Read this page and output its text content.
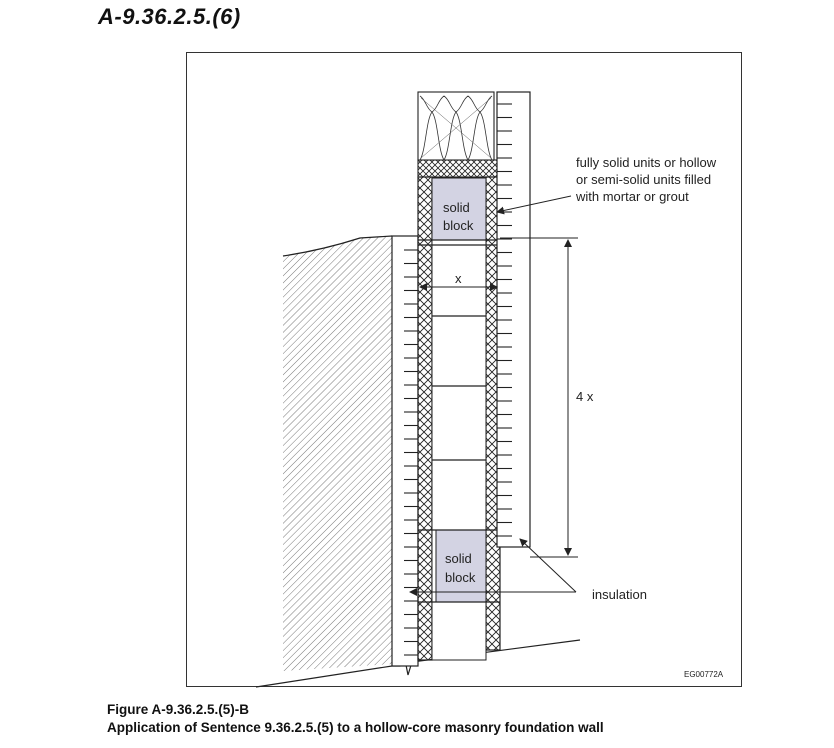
A-9.36.2.5.(6)
x
4 x
solid
block
solid
block
fully solid units or hollow
or semi-solid units filled
with mortar or grout
insulation
EG00772A
Figure A-9.36.2.5.(5)-B
Application of Sentence 9.36.2.5.(5) to a hollow-core masonry foundation wall
